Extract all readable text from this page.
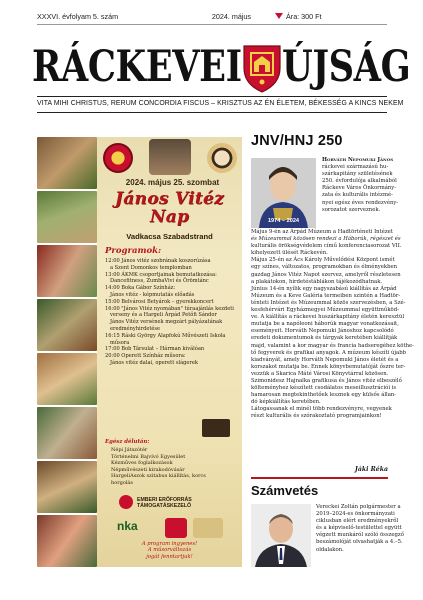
XXXVI. évfolyam 5. szám	2024. május	Ára: 300 Ft
RÁCKEVEI ÚJSÁG
VITA MIHI CHRISTUS, RERUM CONCORDIA FISCUS – KRISZTUS AZ ÉN ÉLETEM, BÉKESSÉG A KINCS NEKEM
2024. május 25. szombat
János Vitéz
Nap
Vadkacsa Szabadstrand
Programok:
12:00 János vitéz szobrának koszorúzása
a Szent Domonkos templomban
13:00 ÁKMK csoportjainak bemutatkozása:
Dancefitness, ZumbaVivi és Örömtánc
14:00 Boka Gábor Színház:
János vitéz - képmutatás előadás
15:00 Belvárosi Betyárok – gyerekkoncert
16:00 "János Vitéz nyomában" túraajánlás kezdeti
verseny és a Hargeli Árpád Petőfi Sándor
János Vitéz versének megzárt pályázatának
eredményhirdetése
16:15 Ráski György Alapfokú Művészeti Iskola
műsora
17:00 Bob Társulat – Hárman kiválóan
20:00 Operett Színház műsora:
János vitéz dalai, operett slágerek
Egész délután:
Népi Játszótér
Történelmi Bajvívó Egyesület
Kézműves foglalkozások
Népművészeti kirakodóvásár
HargeliAszok szitabus kiállítás, korcs
horgolás
EMBERI ERŐFORRÁS TÁMOGATÁSKEZELŐ
nka
A program ingyenes!
A műsorváltozás
jogát fenntartjuk!
JNV/HNJ 250
1974 – 2024
Horváth Nepomuki János
ráckevei származású hu-
szárkapitány születésének
250. évfordulója alkalmából
Ráckeve Város Önkormány-
zata és kulturális intézmé-
nyei egész éves rendezvény-
sorozatot szerveznek.
Május 9-én az Árpád Múzeum a Hadtörténeti Intézet
és Múzeummal közösen rendezi a Háborúk, régészet és
kulturális örökségvédelem című konferenciasorozat VII.
kihelyezett ülését Ráckevén.
Május 25-én az Ács Károly Művelődési Központ ismét
egy színes, változatos, programokban és élményekben
gazdag János Vitéz Napot szervez, amelyről részletesen
a plakátokon, hirdetéstáblákon tájékozódhatnak.
Június 14-én nyílik egy nagyszabású kiállítás az Árpád
Múzeum és a Keve Galéria termeiben szintén a Hadtör-
ténteti Intézet és Múzeummal közös szervezésben, a Szé-
kesfehérvári Egyházmegyei Múzeummal együttműköd-
ve. A kiállítás a ráckevei huszárkapitány életén keresztül
mutatja be a napóleoni háborúk magyar vonatkozásait,
eseményeit. Horváth Nepomuki Jánoshoz kapcsolódó
eredeti dokumentumok és tárgyak keretében kiállítják
majd, valamint a kor magyar és francia hadseregéhez köthe-
tő fegyverek és grafikai anyagok. A múzeum készíti újabb
kiadványát, amely Horváth Nepomuki János életét és a
korszakot mutatja be. Ennek könyvbemutatóját őszre ter-
vezzük a Skarica Máté Városi Könyvtárral közösen.
Szimonidesz Hajnalka grafikusa és János vitéz elbeszélő
költeményhez készített csodálatos meseillusztrációi is
hamarosan megtekinthetőek lesznek egy külsős állan-
dó képkiállítás keretében.
Látogassanak el minél több rendezvényre, vegyenek
részt kulturális és szórakoztató programjainkon!
Jáki Réka
Számvetés
Vereckei Zoltán polgármester a
2019–2024-es önkormányzati
ciklusban elért eredményekről
és a képviselő-testülettel együtt
végzett munkáról szóló összegző
beszámolóját olvashatják a 4.–5.
oldalakon.
